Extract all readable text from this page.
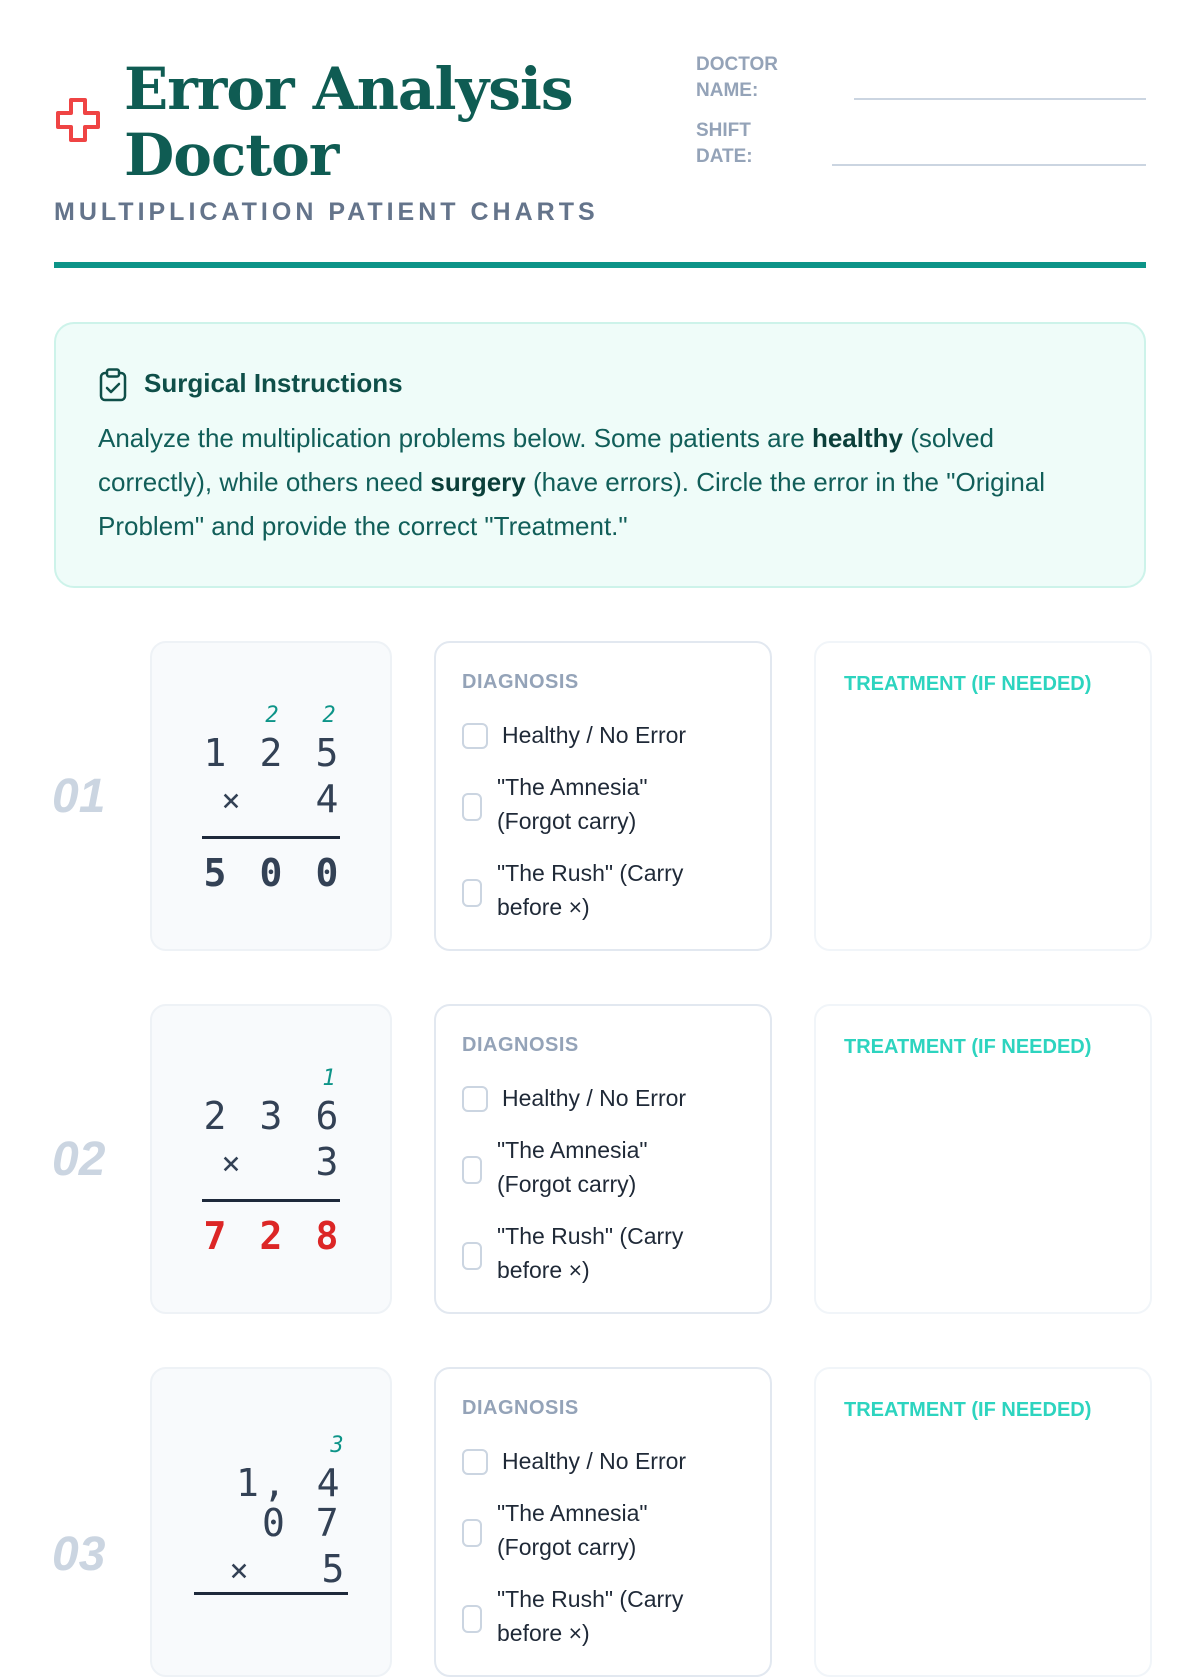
Error Analysis
Doctor
MULTIPLICATION PATIENT CHARTS
DOCTOR
NAME:
SHIFT
DATE:
Surgical Instructions
Analyze the multiplication problems below. Some patients are healthy (solved correctly), while others need surgery (have errors). Circle the error in the "Original Problem" and provide the correct "Treatment."
01
2	2
1 2 5
× 4
5 0 0
DIAGNOSIS
Healthy / No Error
"The Amnesia"
(Forgot carry)
"The Rush" (Carry
before ×)
TREATMENT (IF NEEDED)
02
1
2 3 6
× 3
7 2 8
DIAGNOSIS
Healthy / No Error
"The Amnesia"
(Forgot carry)
"The Rush" (Carry
before ×)
TREATMENT (IF NEEDED)
03
3
1, 4
0 7
× 5
DIAGNOSIS
Healthy / No Error
"The Amnesia"
(Forgot carry)
"The Rush" (Carry
before ×)
TREATMENT (IF NEEDED)
